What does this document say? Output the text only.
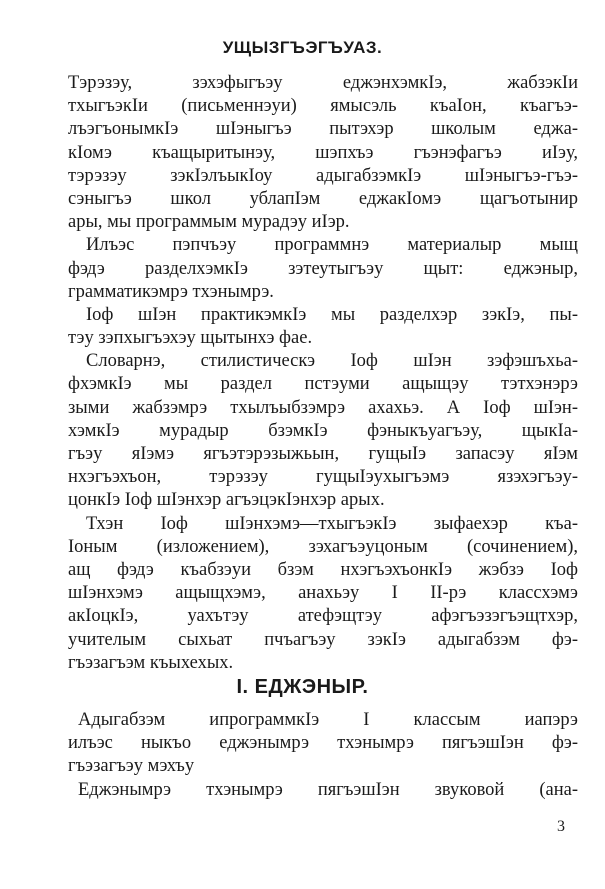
УЩЫЗГЪЭГЪУАЗ.
Тэрэзэу, зэхэфыгъэу еджэнхэмкIэ, жабзэкIи
тхыгъэкIи (письменнэуи) ямысэль къаIон, къагъэ-
лъэгъонымкIэ шIэныгъэ пытэхэр школым еджа-
кIомэ къащыритынэу, шэпхъэ гъэнэфагъэ иIэу,
тэрэзэу зэкIэлъыкIоу адыгабзэмкIэ шIэныгъэ-гъэ-
сэныгъэ школ ублапIэм еджакIомэ щагъотынир
ары, мы программым мурадэу иIэр.
Илъэс пэпчъэу программнэ материалыр мыщ
фэдэ разделхэмкIэ зэтеутыгъэу щыт: еджэныр,
грамматикэмрэ тхэнымрэ.
Iоф шIэн практикэмкIэ мы разделхэр зэкIэ, пы-
тэу зэпхыгъэхэу щытынхэ фае.
Словарнэ, стилистическэ Iоф шIэн зэфэшъхьа-
фхэмкIэ мы раздел пстэуми ащыщэу тэтхэнэрэ
зыми жабзэмрэ тхылъыбзэмрэ ахахьэ. А Iоф шIэн-
хэмкIэ мурадыр бзэмкIэ фэныкъуагъэу, щыкIа-
гъэу яIэмэ ягъэтэрэзыжьын, гущыIэ запасэу яIэм
нхэгъэхъон, тэрэзэу гущыIэухыгъэмэ язэхэгъэу-
цонкIэ Iоф шIэнхэр агъэцэкIэнхэр арых.
Тхэн Iоф шIэнхэмэ—тхыгъэкIэ зыфаехэр къа-
Iоным (изложением), зэхагъэуцоным (сочинением),
ащ фэдэ къабзэуи бзэм нхэгъэхъонкIэ жэбзэ Iоф
шIэнхэмэ ащыщхэмэ, анахьэу I II-рэ классхэмэ
акIоцкIэ, уахътэу атефэщтэу афэгъэзэгъэщтхэр,
учителым сыхьат пчъагъэу зэкIэ адыгабзэм фэ-
гъэзагъэм къыхехых.
I. ЕДЖЭНЫР.
Адыгабзэм ипрограммкIэ I классым иапэрэ
илъэс ныкъо еджэнымрэ тхэнымрэ пягъэшIэн фэ-
гъэзагъэу мэхъу
Еджэнымрэ тхэнымрэ пягъэшIэн звуковой (ана-
3
